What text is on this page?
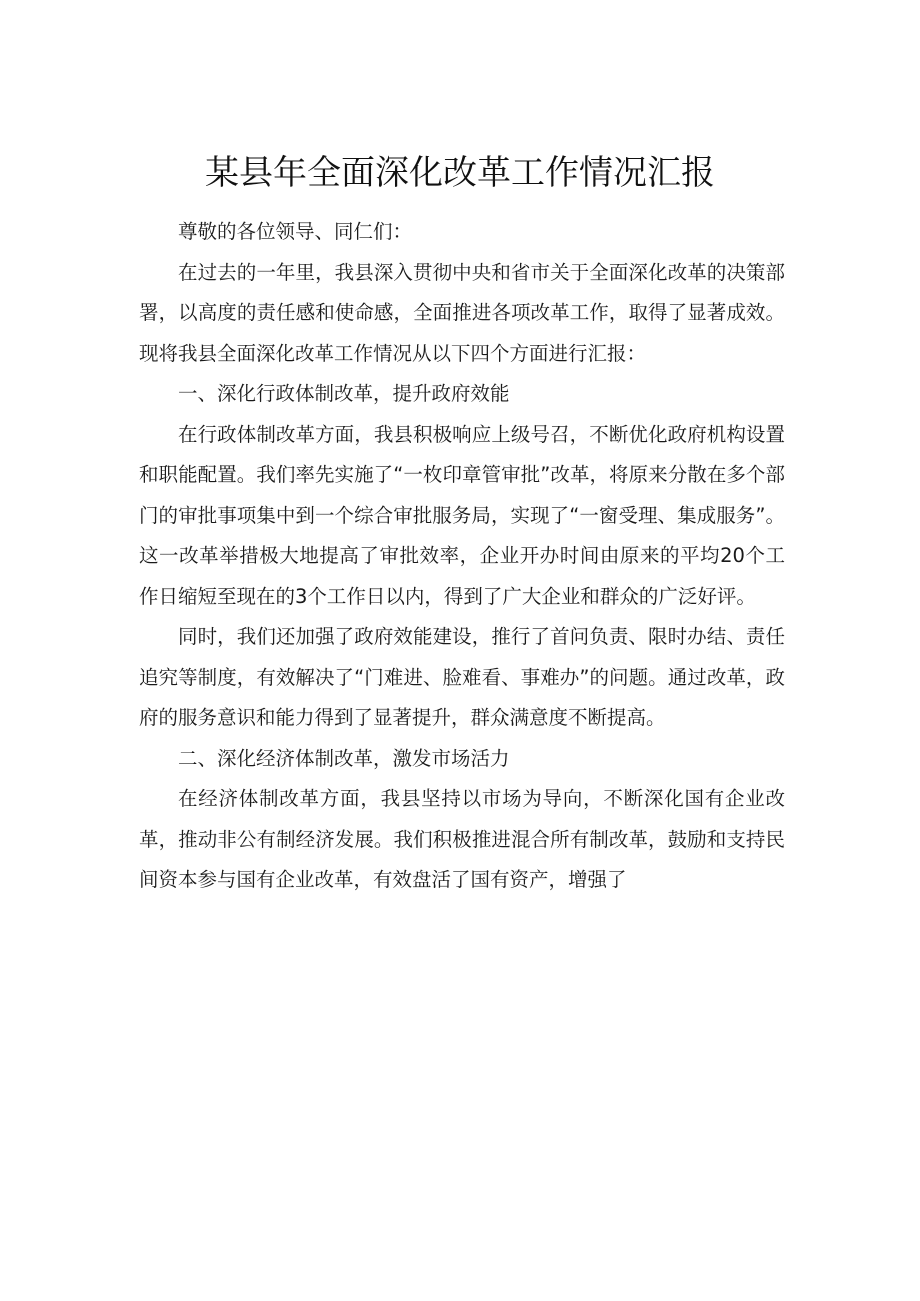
某县年全面深化改革工作情况汇报

尊敬的各位领导、同仁们：

在过去的一年里，我县深入贯彻中央和省市关于全面深化改革的决策部署，以高度的责任感和使命感，全面推进各项改革工作，取得了显著成效。现将我县全面深化改革工作情况从以下四个方面进行汇报：

一、深化行政体制改革，提升政府效能

在行政体制改革方面，我县积极响应上级号召，不断优化政府机构设置和职能配置。我们率先实施了“一枚印章管审批”改革，将原来分散在多个部门的审批事项集中到一个综合审批服务局，实现了“一窗受理、集成服务”。这一改革举措极大地提高了审批效率，企业开办时间由原来的平均20个工作日缩短至现在的3个工作日以内，得到了广大企业和群众的广泛好评。

同时，我们还加强了政府效能建设，推行了首问负责、限时办结、责任追究等制度，有效解决了“门难进、脸难看、事难办”的问题。通过改革，政府的服务意识和能力得到了显著提升，群众满意度不断提高。

二、深化经济体制改革，激发市场活力

在经济体制改革方面，我县坚持以市场为导向，不断深化国有企业改革，推动非公有制经济发展。我们积极推进混合所有制改革，鼓励和支持民间资本参与国有企业改革，有效盘活了国有资产，增强了
